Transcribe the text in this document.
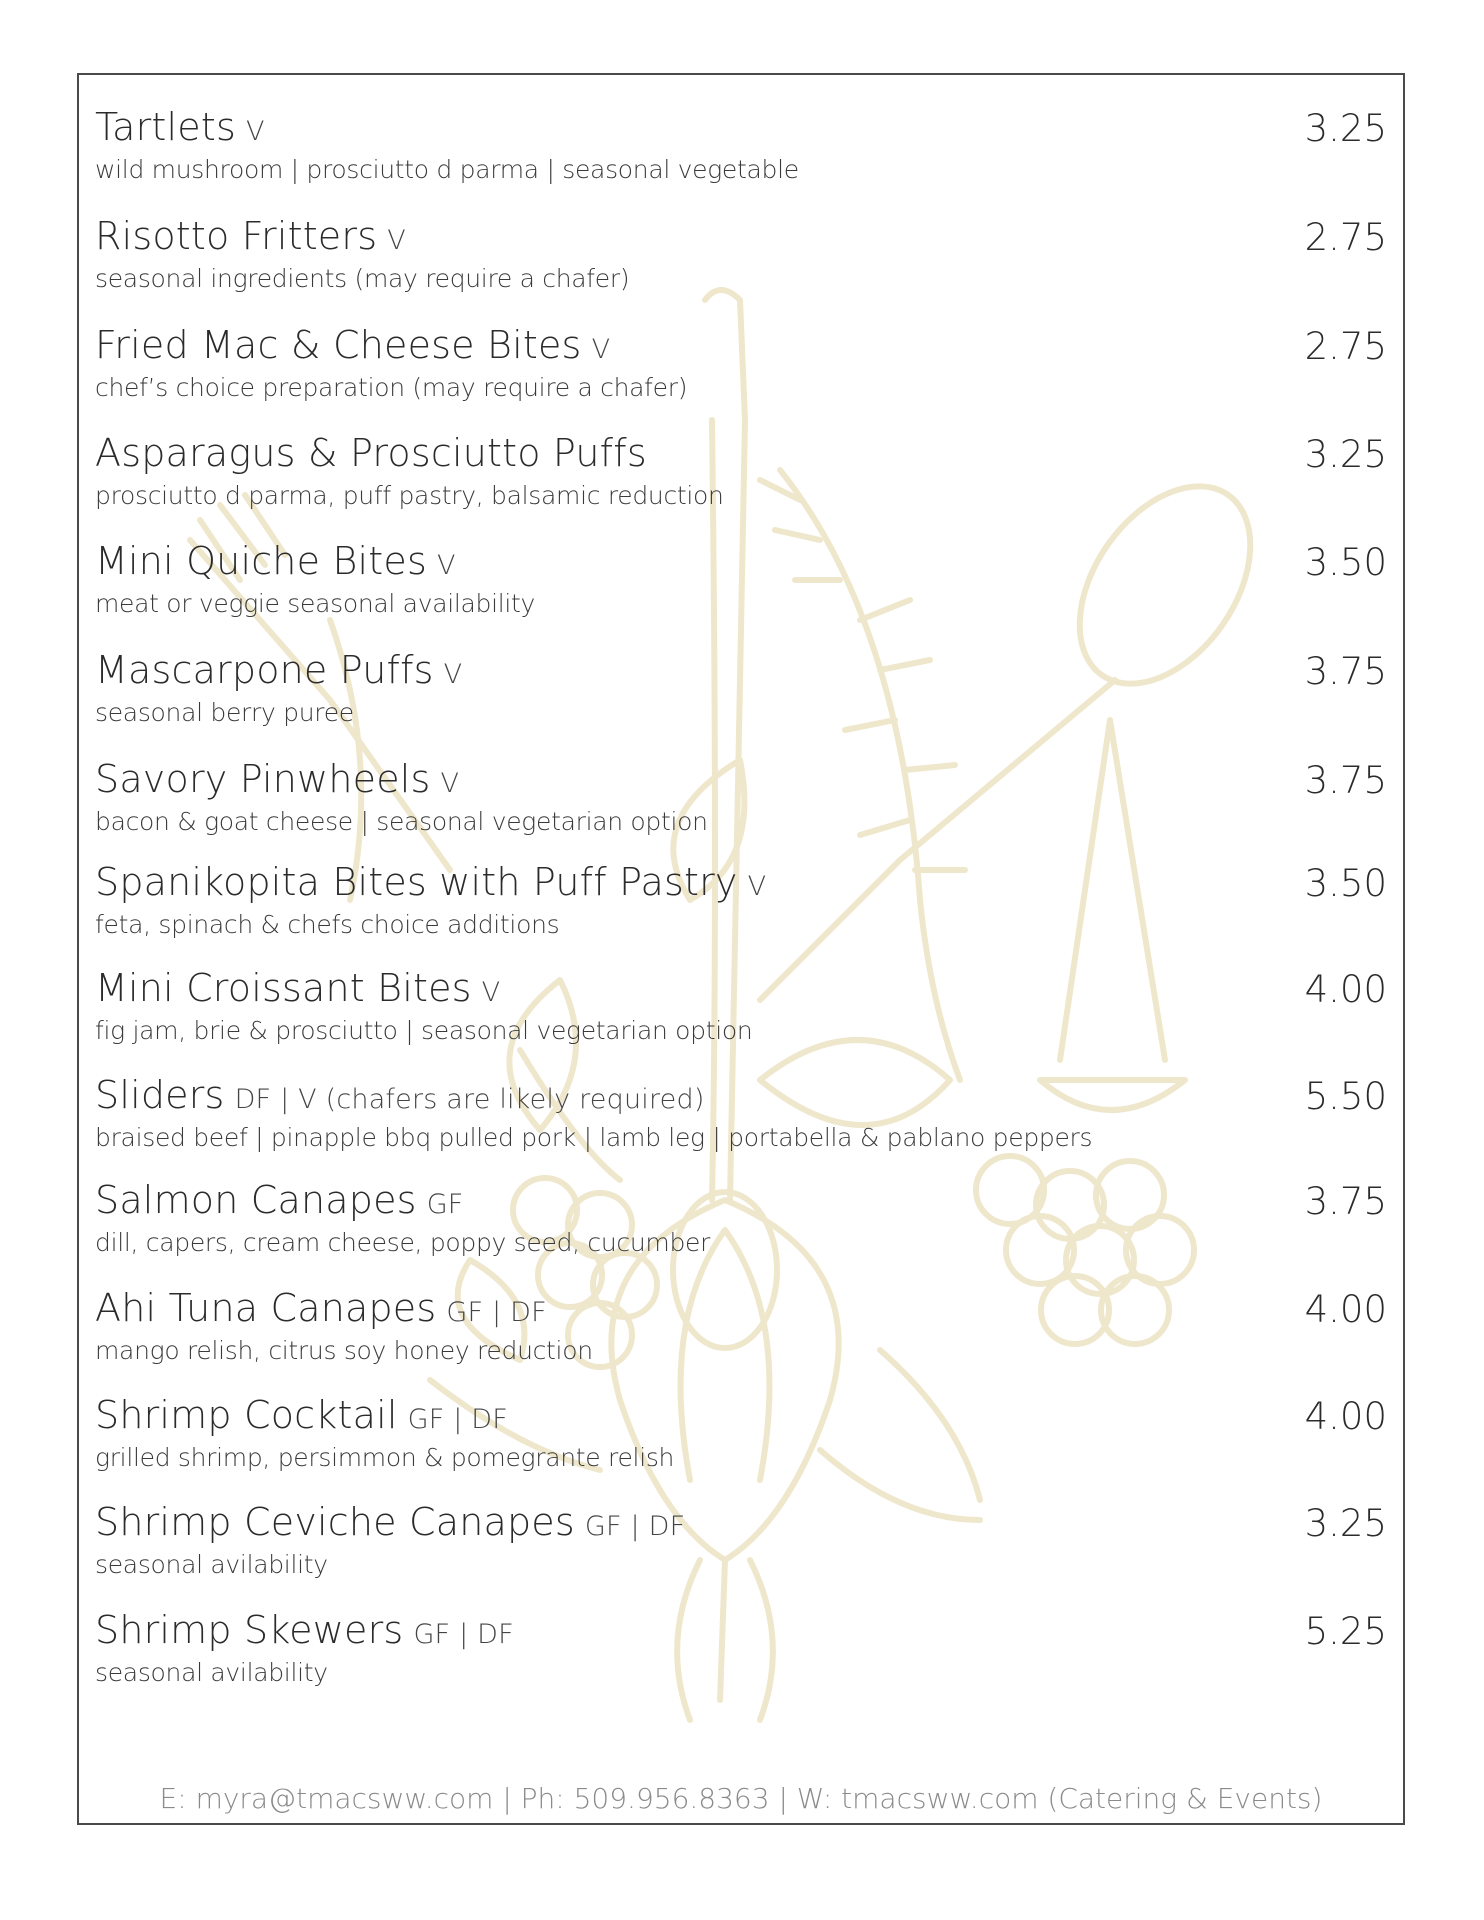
Tartlets V
wild mushroom | prosciutto d parma | seasonal vegetable
3.25
Risotto Fritters V
seasonal ingredients (may require a chafer)
2.75
Fried Mac & Cheese Bites V
chef’s choice preparation (may require a chafer)
2.75
Asparagus & Prosciutto Puffs
prosciutto d parma, puff pastry, balsamic reduction
3.25
Mini Quiche Bites V
meat or veggie seasonal availability
3.50
Mascarpone Puffs V
seasonal berry puree
3.75
Savory Pinwheels V
bacon & goat cheese | seasonal vegetarian option
3.75
Spanikopita Bites with Puff Pastry V
feta, spinach & chefs choice additions
3.50
Mini Croissant Bites V
fig jam, brie & prosciutto | seasonal vegetarian option
4.00
Sliders DF | V (chafers are likely required)
braised beef | pinapple bbq pulled pork | lamb leg | portabella & pablano peppers
5.50
Salmon Canapes GF
dill, capers, cream cheese, poppy seed, cucumber
3.75
Ahi Tuna Canapes GF | DF
mango relish, citrus soy honey reduction
4.00
Shrimp Cocktail GF | DF
grilled shrimp, persimmon & pomegrante relish
4.00
Shrimp Ceviche Canapes GF | DF
seasonal avilability
3.25
Shrimp Skewers GF | DF
seasonal avilability
5.25
E: myra@tmacsww.com | Ph: 509.956.8363 | W: tmacsww.com (Catering & Events)
